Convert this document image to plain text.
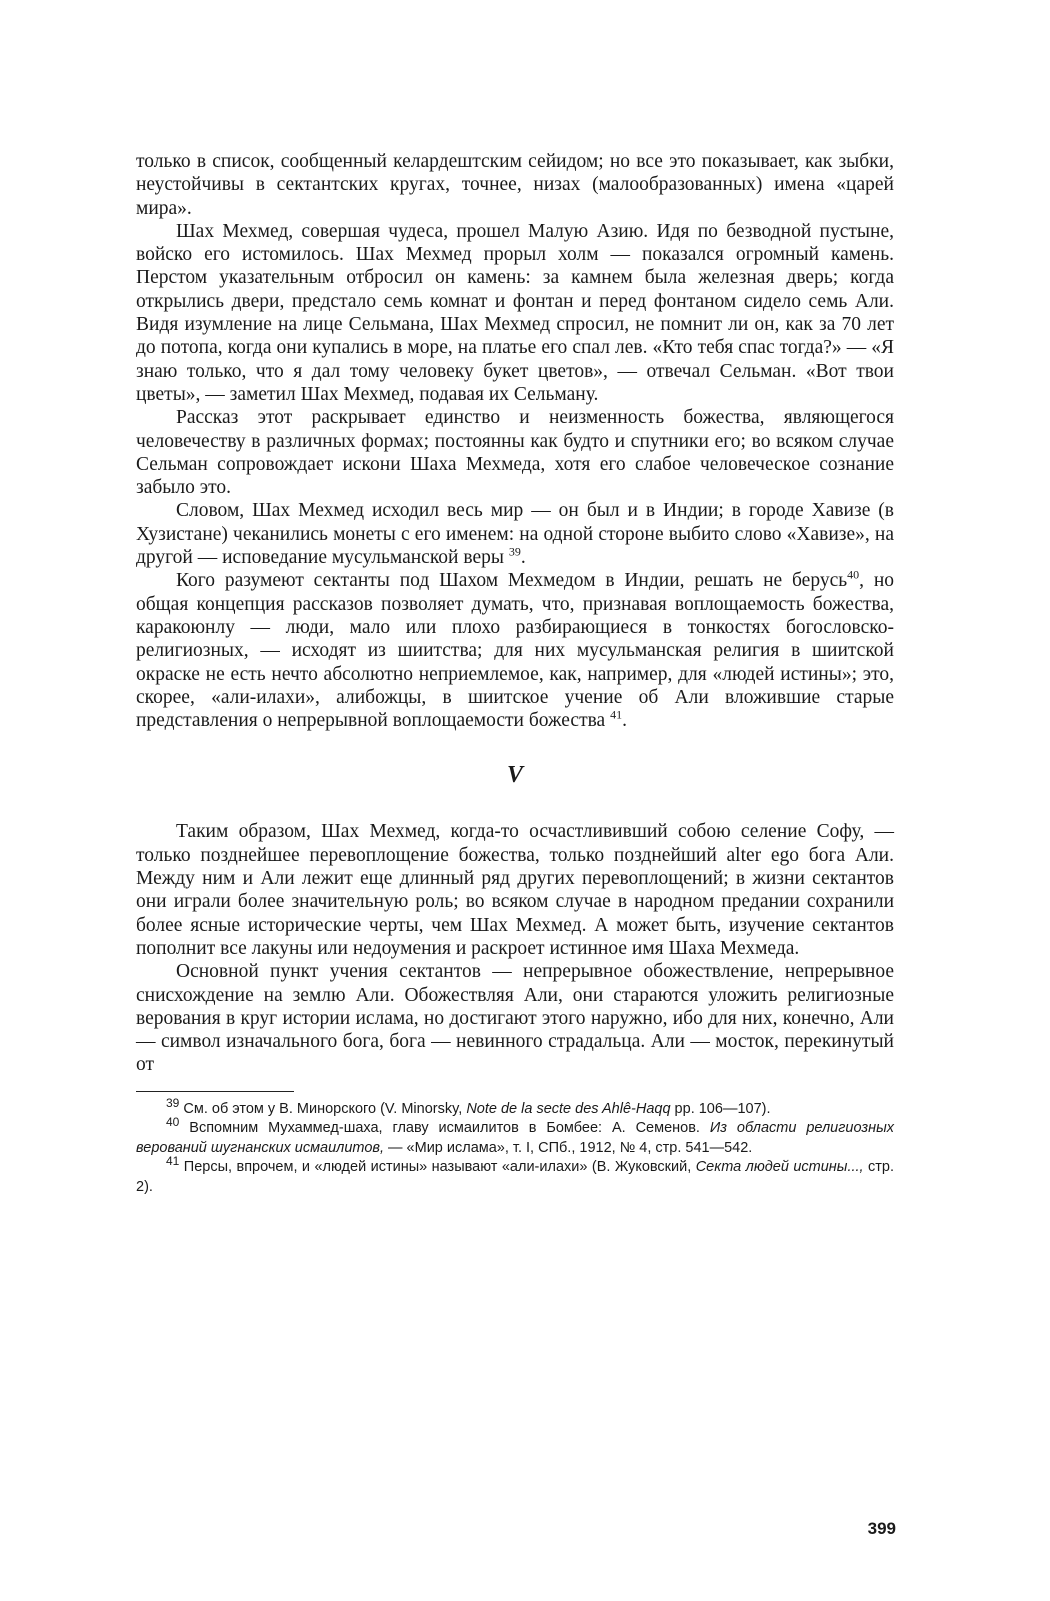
только в список, сообщенный келардештским сейидом; но все это показывает, как зыбки, неустойчивы в сектантских кругах, точнее, низах (малообразованных) имена «царей мира».

Шах Мехмед, совершая чудеса, прошел Малую Азию. Идя по безводной пустыне, войско его истомилось. Шах Мехмед прорыл холм — показался огромный камень. Перстом указательным отбросил он камень: за камнем была железная дверь; когда открылись двери, предстало семь комнат и фонтан и перед фонтаном сидело семь Али. Видя изумление на лице Сельмана, Шах Мехмед спросил, не помнит ли он, как за 70 лет до потопа, когда они купались в море, на платье его спал лев. «Кто тебя спас тогда?» — «Я знаю только, что я дал тому человеку букет цветов», — отвечал Сельман. «Вот твои цветы», — заметил Шах Мехмед, подавая их Сельману.

Рассказ этот раскрывает единство и неизменность божества, являющегося человечеству в различных формах; постоянны как будто и спутники его; во всяком случае Сельман сопровождает искони Шаха Мехмеда, хотя его слабое человеческое сознание забыло это.

Словом, Шах Мехмед исходил весь мир — он был и в Индии; в городе Хавизе (в Хузистане) чеканились монеты с его именем: на одной стороне выбито слово «Хавизе», на другой — исповедание мусульманской веры $^{39}$.

Кого разумеют сектанты под Шахом Мехмедом в Индии, решать не берусь$^{40}$, но общая концепция рассказов позволяет думать, что, признавая воплощаемость божества, каракоюнлу — люди, мало или плохо разбирающиеся в тонкостях богословско-религиозных, — исходят из шиитства; для них мусульманская религия в шиитской окраске не есть нечто абсолютно неприемлемое, как, например, для «людей истины»; это, скорее, «али-илахи», алибожцы, в шиитское учение об Али вложившие старые представления о непрерывной воплощаемости божества $^{41}$.

V

Таким образом, Шах Мехмед, когда-то осчастлививший собою селение Софу, — только позднейшее перевоплощение божества, только позднейший alter ego бога Али. Между ним и Али лежит еще длинный ряд других перевоплощений; в жизни сектантов они играли более значительную роль; во всяком случае в народном предании сохранили более ясные исторические черты, чем Шах Мехмед. А может быть, изучение сектантов пополнит все лакуны или недоумения и раскроет истинное имя Шаха Мехмеда.

Основной пункт учения сектантов — непрерывное обожествление, непрерывное снисхождение на землю Али. Обожествляя Али, они стараются уложить религиозные верования в круг истории ислама, но достигают этого наружно, ибо для них, конечно, Али — символ изначального бога, бога — невинного страдальца. Али — мосток, перекинутый от

$^{39}$ См. об этом у В. Минорского (V. Minorsky, Note de la secte des Ahlê-Haqq pp. 106—107).

$^{40}$ Вспомним Мухаммед-шаха, главу исмаилитов в Бомбее: А. Семенов. Из области религиозных верований шугнанских исмаилитов, — «Мир ислама», т. I, СПб., 1912, № 4, стр. 541—542.

$^{41}$ Персы, впрочем, и «людей истины» называют «али-илахи» (В. Жуковский, Секта людей истины..., стр. 2).

399
